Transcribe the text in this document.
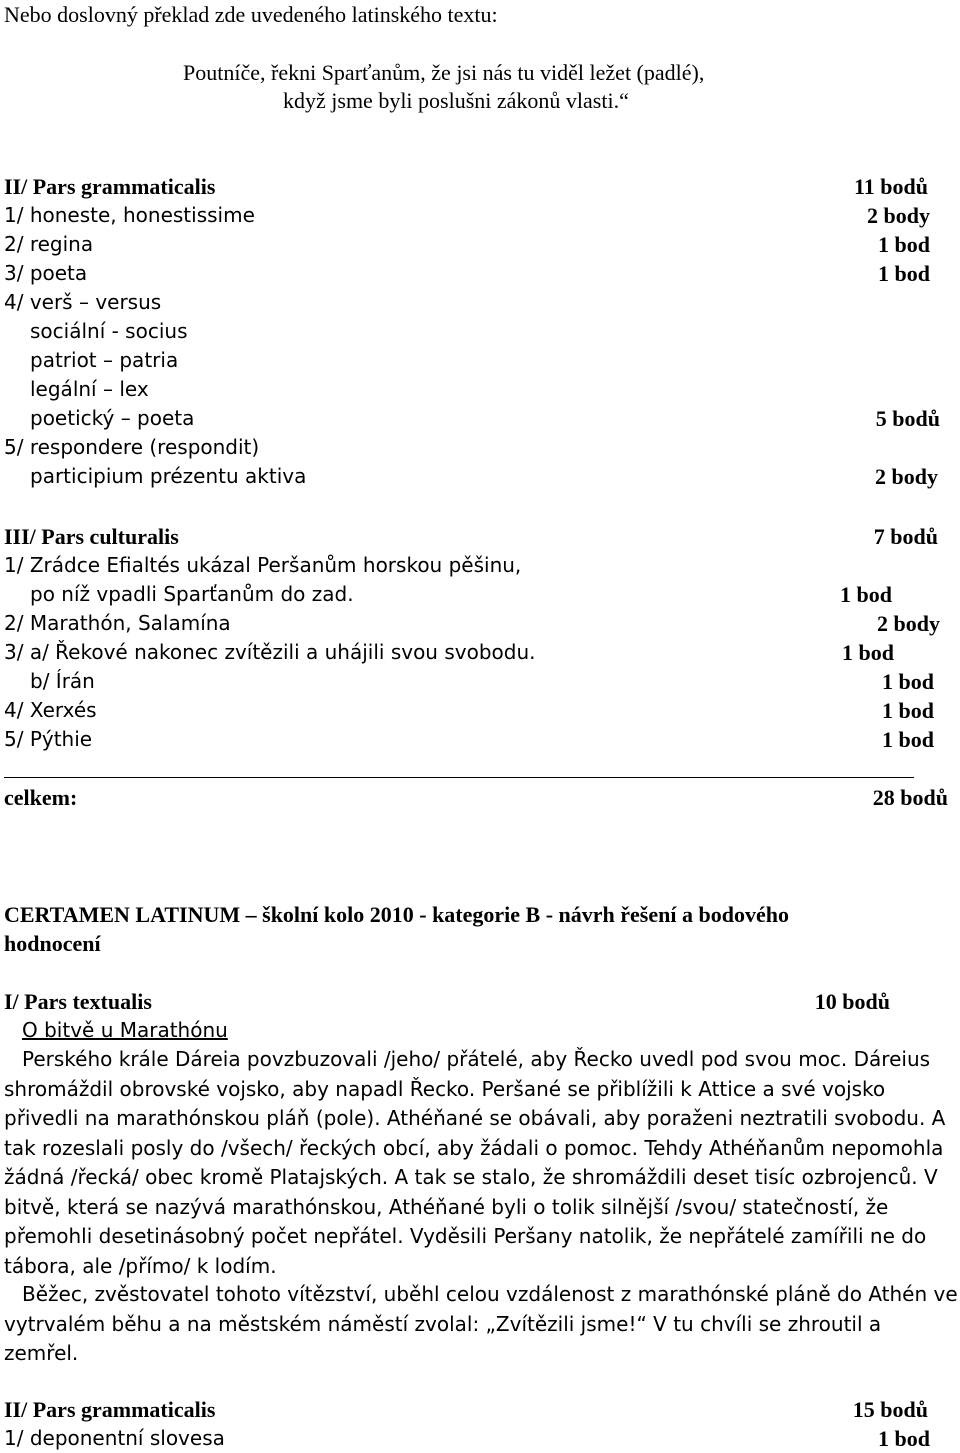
Nebo doslovný překlad zde uvedeného latinského textu:
Poutníče, řekni Sparťanům, že jsi nás tu viděl ležet (padlé),
když jsme byli poslušni zákonů vlasti.“
II/ Pars grammaticalis	11 bodů
1/ honeste, honestissime	2 body
2/ regina	1 bod
3/ poeta	1 bod
4/ verš – versus
sociální - socius
patriot – patria
legální – lex
poetický – poeta	5 bodů
5/ respondere (respondit)
participium prézentu aktiva	2 body
III/ Pars culturalis	7 bodů
1/ Zrádce Efialtés ukázal Peršanům horskou pěšinu,
po níž vpadli Sparťanům do zad.	1 bod
2/ Marathón, Salamína	2 body
3/ a/ Řekové nakonec zvítězili a uhájili svou svobodu.	1 bod
b/ Írán	1 bod
4/ Xerxés	1 bod
5/ Pýthie	1 bod
celkem:	28 bodů
CERTAMEN LATINUM – školní kolo 2010 - kategorie B - návrh řešení a bodového
hodnocení
I/ Pars textualis	10 bodů
O bitvě u Marathónu
Perského krále Dáreia povzbuzovali /jeho/ přátelé, aby Řecko uvedl pod svou moc. Dáreius shromáždil obrovské vojsko, aby napadl Řecko. Peršané se přiblížili k Attice a své vojsko přivedli na marathónskou pláň (pole). Athéňané se obávali, aby poraženi neztratili svobodu. A tak rozeslali posly do /všech/ řeckých obcí, aby žádali o pomoc. Tehdy Athéňanům nepomohla žádná /řecká/ obec kromě Platajských. A tak se stalo, že shromáždili deset tisíc ozbrojenců. V bitvě, která se nazývá marathónskou, Athéňané byli o tolik silnější /svou/ statečností, že přemohli desetinásobný počet nepřátel. Vyděsili Peršany natolik, že nepřátelé zamířili ne do tábora, ale /přímo/ k lodím.
Běžec, zvěstovatel tohoto vítězství, uběhl celou vzdálenost z marathónské pláně do Athén ve vytrvalém běhu a na městském náměstí zvolal: „Zvítězili jsme!“ V tu chvíli se zhroutil a zemřel.
II/ Pars grammaticalis	15 bodů
1/ deponentní slovesa	1 bod
